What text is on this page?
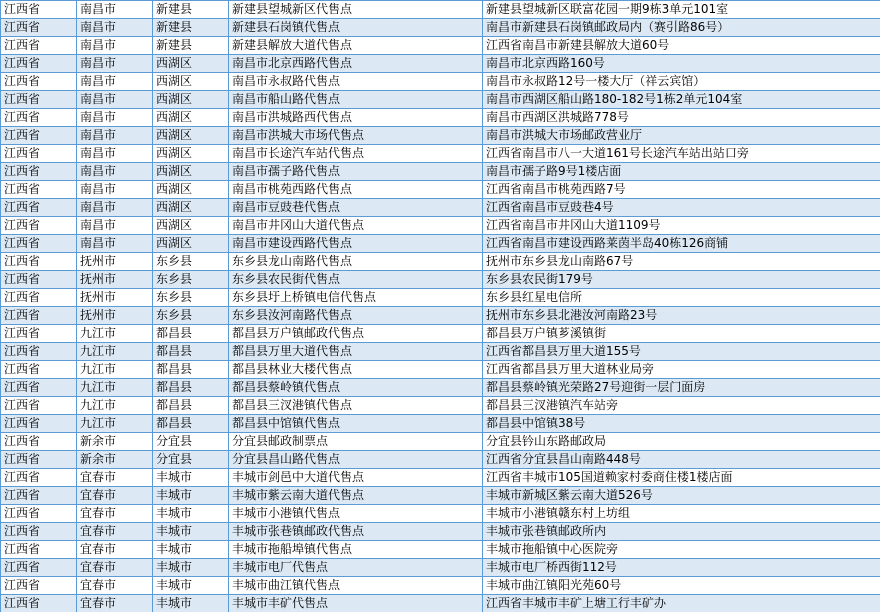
江西省	南昌市	新建县	新建县望城新区代售点	新建县望城新区联富花园一期9栋3单元101室
江西省	南昌市	新建县	新建县石岗镇代售点	南昌市新建县石岗镇邮政局内（赛引路86号）
江西省	南昌市	新建县	新建县解放大道代售点	江西省南昌市新建县解放大道60号
江西省	南昌市	西湖区	南昌市北京西路代售点	南昌市北京西路160号
江西省	南昌市	西湖区	南昌市永叔路代售点	南昌市永叔路12号一楼大厅（祥云宾馆）
江西省	南昌市	西湖区	南昌市船山路代售点	南昌市西湖区船山路180-182号1栋2单元104室
江西省	南昌市	西湖区	南昌市洪城路西代售点	南昌市西湖区洪城路778号
江西省	南昌市	西湖区	南昌市洪城大市场代售点	南昌市洪城大市场邮政营业厅
江西省	南昌市	西湖区	南昌市长途汽车站代售点	江西省南昌市八一大道161号长途汽车站出站口旁
江西省	南昌市	西湖区	南昌市孺子路代售点	南昌市孺子路9号1楼店面
江西省	南昌市	西湖区	南昌市桃苑西路代售点	江西省南昌市桃苑西路7号
江西省	南昌市	西湖区	南昌市豆豉巷代售点	江西省南昌市豆豉巷4号
江西省	南昌市	西湖区	南昌市井冈山大道代售点	江西省南昌市井冈山大道1109号
江西省	南昌市	西湖区	南昌市建设西路代售点	江西省南昌市建设西路莱茵半岛40栋126商铺
江西省	抚州市	东乡县	东乡县龙山南路代售点	抚州市东乡县龙山南路67号
江西省	抚州市	东乡县	东乡县农民街代售点	东乡县农民街179号
江西省	抚州市	东乡县	东乡县圩上桥镇电信代售点	东乡县红星电信所
江西省	抚州市	东乡县	东乡县汝河南路代售点	抚州市东乡县北港汝河南路23号
江西省	九江市	都昌县	都昌县万户镇邮政代售点	都昌县万户镇芗溪镇街
江西省	九江市	都昌县	都昌县万里大道代售点	江西省都昌县万里大道155号
江西省	九江市	都昌县	都昌县林业大楼代售点	江西省都昌县万里大道林业局旁
江西省	九江市	都昌县	都昌县蔡岭镇代售点	都昌县蔡岭镇光荣路27号迎街一层门面房
江西省	九江市	都昌县	都昌县三汊港镇代售点	都昌县三汊港镇汽车站旁
江西省	九江市	都昌县	都昌县中馆镇代售点	都昌县中馆镇38号
江西省	新余市	分宜县	分宜县邮政制票点	分宜县钤山东路邮政局
江西省	新余市	分宜县	分宜县昌山路代售点	江西省分宜县昌山南路448号
江西省	宜春市	丰城市	丰城市剑邑中大道代售点	江西省丰城市105国道赖家村委商住楼1楼店面
江西省	宜春市	丰城市	丰城市紫云南大道代售点	丰城市新城区紫云南大道526号
江西省	宜春市	丰城市	丰城市小港镇代售点	丰城市小港镇赣东村上坊组
江西省	宜春市	丰城市	丰城市张巷镇邮政代售点	丰城市张巷镇邮政所内
江西省	宜春市	丰城市	丰城市拖船埠镇代售点	丰城市拖船镇中心医院旁
江西省	宜春市	丰城市	丰城市电厂代售点	丰城市电厂桥西街112号
江西省	宜春市	丰城市	丰城市曲江镇代售点	丰城市曲江镇阳光苑60号
江西省	宜春市	丰城市	丰城市丰矿代售点	江西省丰城市丰矿上塘工行丰矿办
